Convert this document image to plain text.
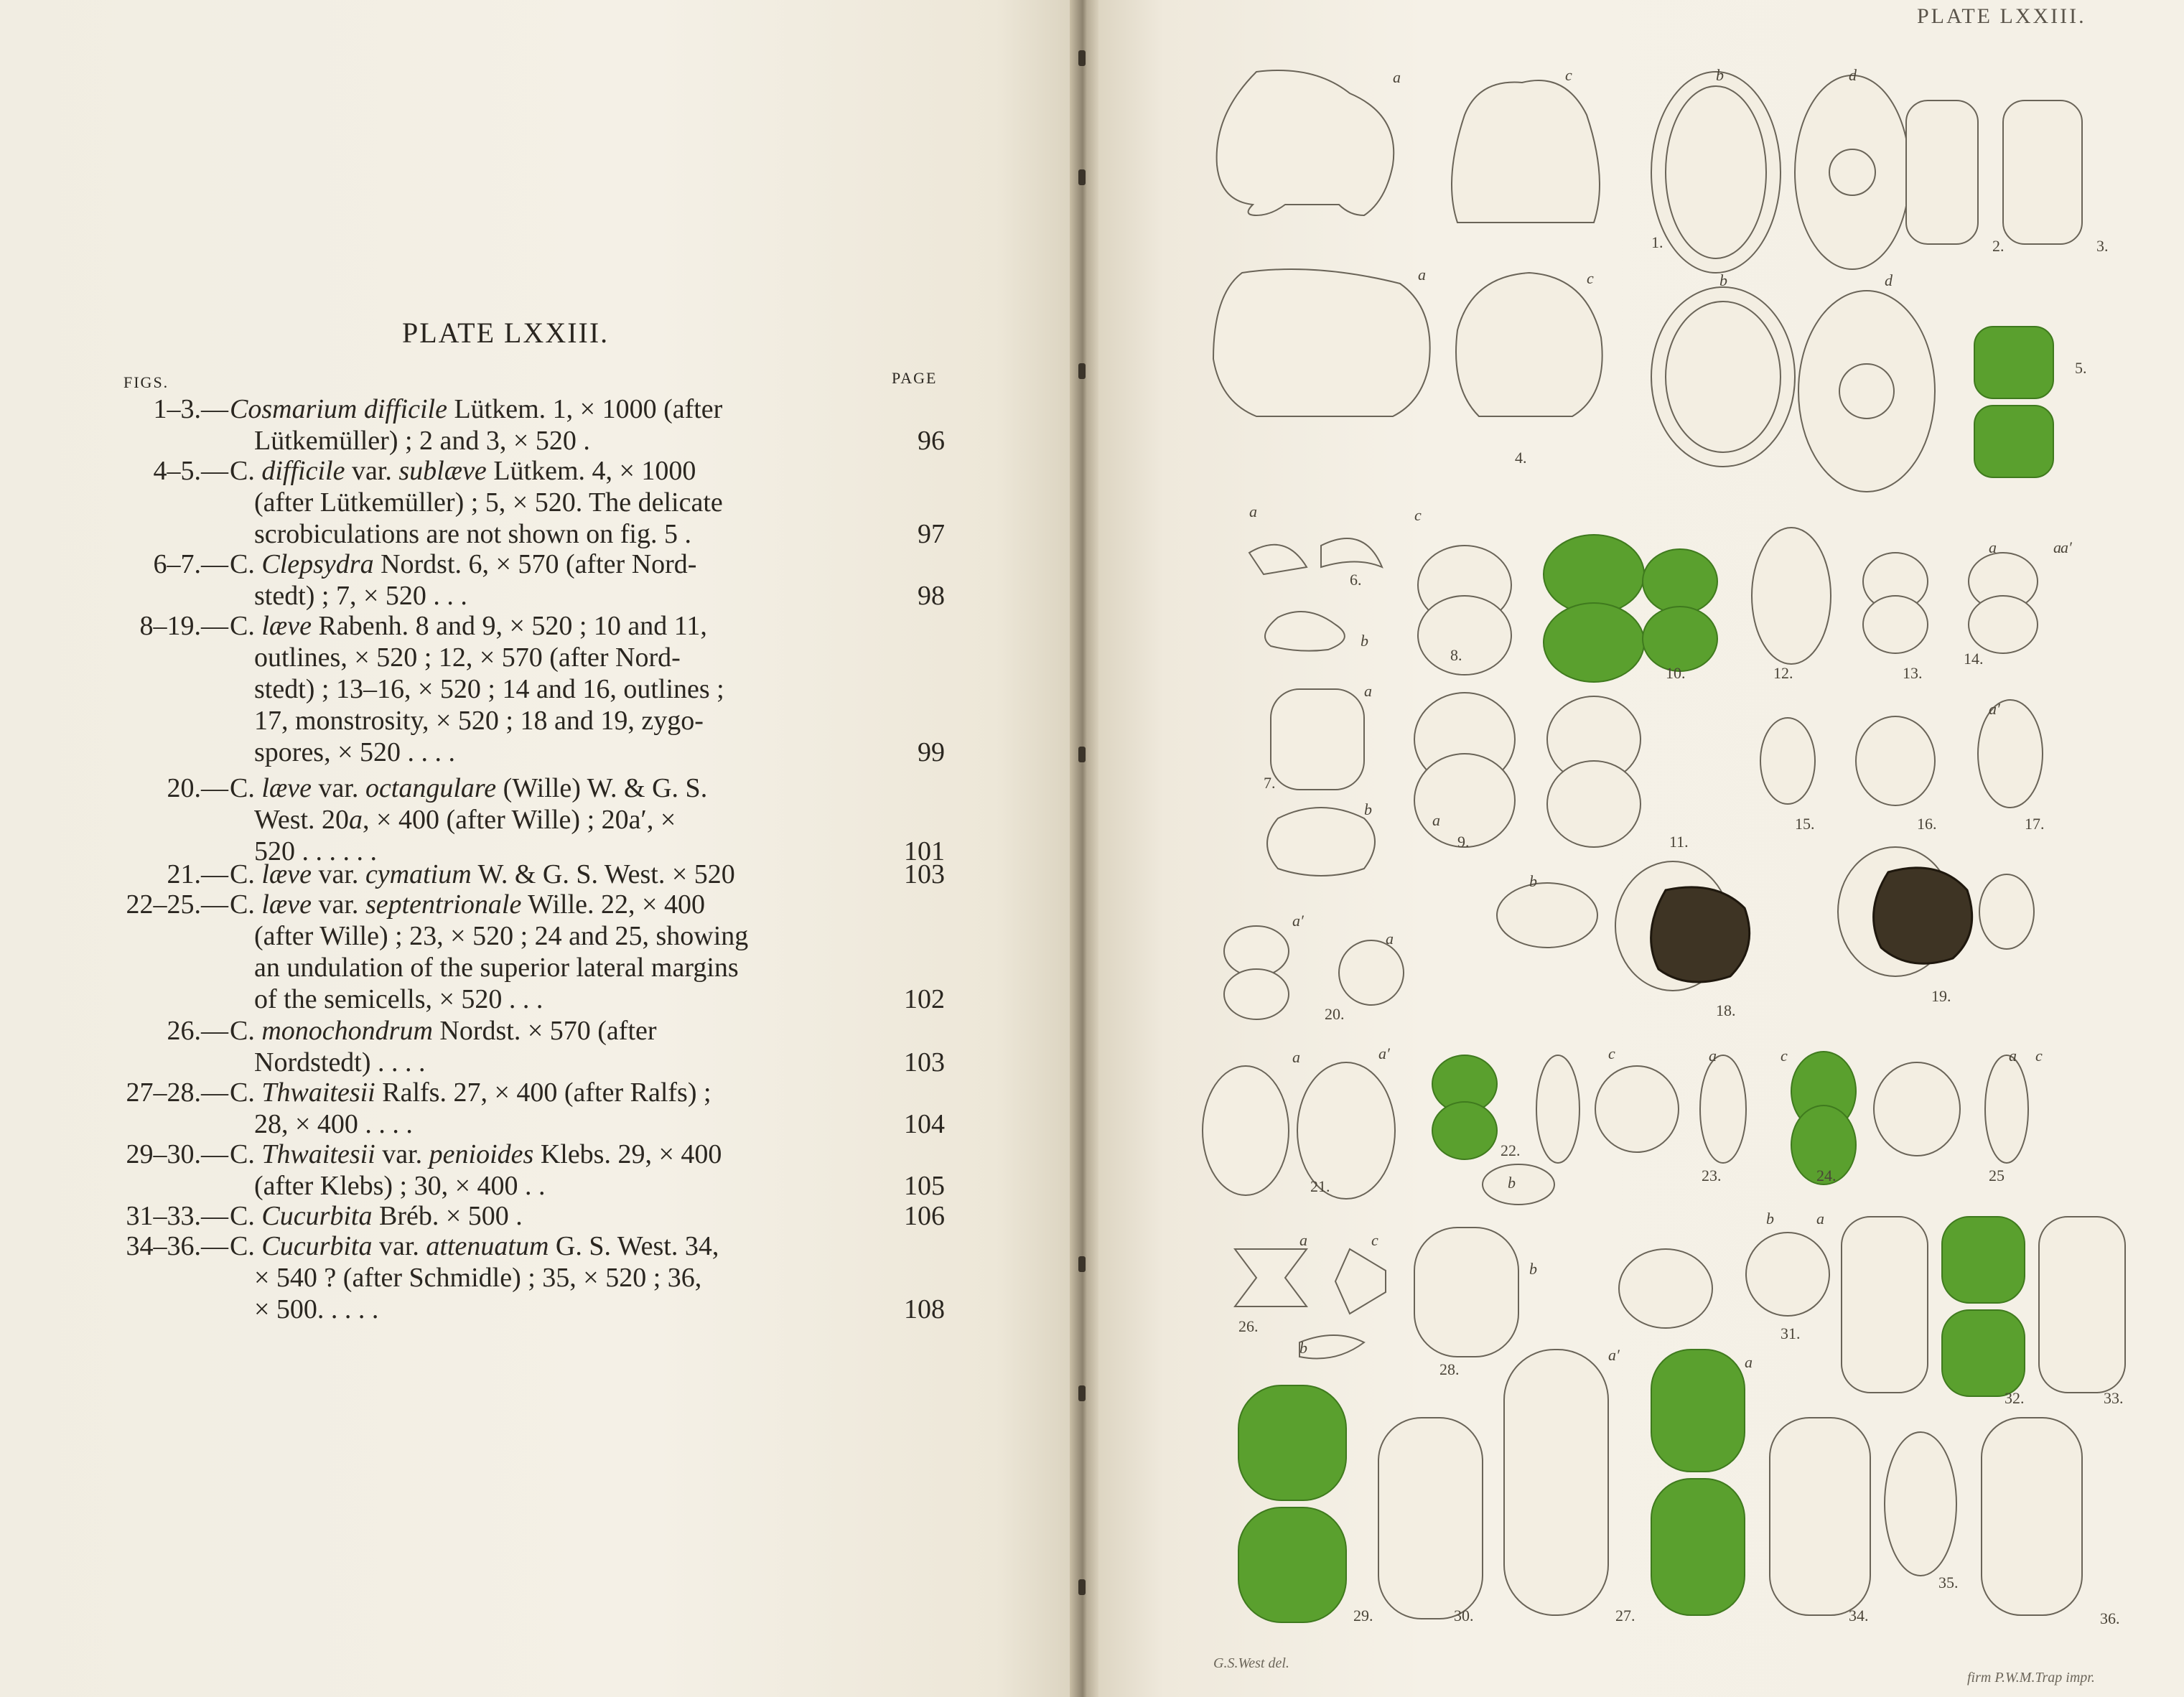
PLATE LXXIII.
FIGS.	PAGE
1–3.— Cosmarium difficile Lütkem. 1, × 1000 (after
Lütkemüller) ; 2 and 3, × 520 .	96
4–5.— C. difficile var. sublæve Lütkem. 4, × 1000
(after Lütkemüller) ; 5, × 520. The delicate
scrobiculations are not shown on fig. 5 .	97
6–7.— C. Clepsydra Nordst. 6, × 570 (after Nord-
stedt) ; 7, × 520 . . .	98
8–19.— C. læve Rabenh. 8 and 9, × 520 ; 10 and 11,
outlines, × 520 ; 12, × 570 (after Nord-
stedt) ; 13–16, × 520 ; 14 and 16, outlines ;
17, monstrosity, × 520 ; 18 and 19, zygo-
spores, × 520 . . . .	99
20.— C. læve var. octangulare (Wille) W. & G. S.
West. 20a, × 400 (after Wille) ; 20a′, ×
520 . . . . . .	101
21.— C. læve var. cymatium W. & G. S. West. × 520	103
22–25.— C. læve var. septentrionale Wille. 22, × 400
(after Wille) ; 23, × 520 ; 24 and 25, showing
an undulation of the superior lateral margins
of the semicells, × 520 . . .	102
26.— C. monochondrum Nordst. × 570 (after
Nordstedt) . . . .	103
27–28.— C. Thwaitesii Ralfs. 27, × 400 (after Ralfs) ;
28, × 400 . . . .	104
29–30.— C. Thwaitesii var. penioides Klebs. 29, × 400
(after Klebs) ; 30, × 400 . .	105
31–33.— C. Cucurbita Bréb. × 500 .	106
34–36.— C. Cucurbita var. attenuatum G. S. West. 34,
× 540 ? (after Schmidle) ; 35, × 520 ; 36,
× 500. . . . .	108
1.	2.	3.
4.
5.
6.
7.
8.
9.
10.
11.
12.	13.
14.
15.	16.	17.
18.
19.
20.
21.
22.
23.	24.	25
26.
27.
28.
29.	30.
31.
32.	33.
34.
35.
36.
a	c	b	d
a	c	b	d
a	c
b
a	a a′
a
b
a′
a
b
a′
a
a	a′	c
b
a	c	a c
a	c
b
b
b	a
a′	a
PLATE LXXIII.
G.S.West del.
firm P.W.M.Trap impr.
